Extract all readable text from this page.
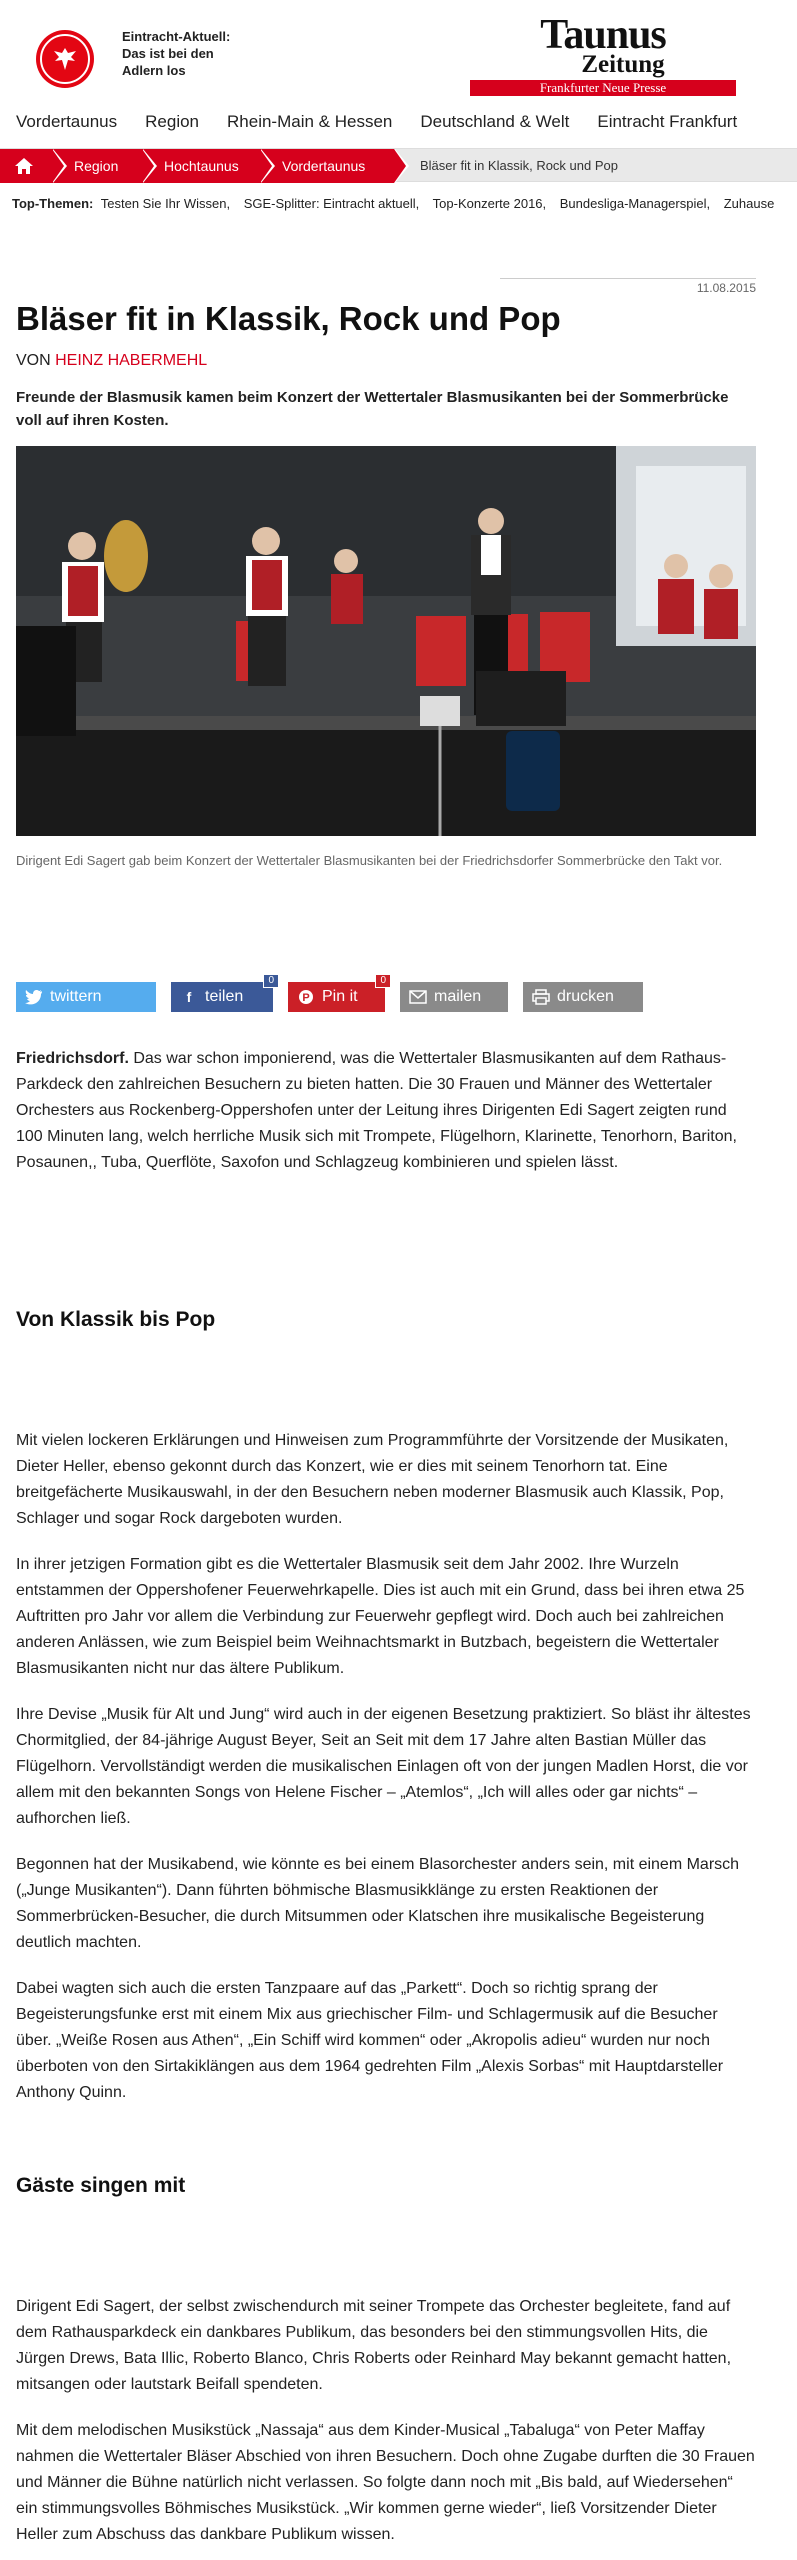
Eintracht-Aktuell:
Das ist bei den
Adlern los
Taunus
Zeitung
Frankfurter Neue Presse
Vordertaunus Region Rhein-Main & Hessen Deutschland & Welt Eintracht Frankfurt
Region	Hochtaunus	Vordertaunus	Bläser fit in Klassik, Rock und Pop
Top-Themen: Testen Sie Ihr Wissen, SGE-Splitter: Eintracht aktuell, Top-Konzerte 2016, Bundesliga-Managerspiel, Zuhause
11.08.2015
Bläser fit in Klassik, Rock und Pop
VON HEINZ HABERMEHL
Freunde der Blasmusik kamen beim Konzert der Wettertaler Blasmusikanten bei der Sommerbrücke voll auf ihren Kosten.
Dirigent Edi Sagert gab beim Konzert der Wettertaler Blasmusikanten bei der Friedrichsdorfer Sommerbrücke den Takt vor.
twittern	f teilen
0
P Pin it
0
mailen	drucken

Friedrichsdorf. Das war schon imponierend, was die Wettertaler Blasmusikanten auf dem Rathaus-Parkdeck den zahlreichen Besuchern zu bieten hatten. Die 30 Frauen und Männer des Wettertaler Orchesters aus Rockenberg-Oppershofen unter der Leitung ihres Dirigenten Edi Sagert zeigten rund 100 Minuten lang, welch herrliche Musik sich mit Trompete, Flügelhorn, Klarinette, Tenorhorn, Bariton, Posaunen,, Tuba, Querflöte, Saxofon und Schlagzeug kombinieren und spielen lässt.

Von Klassik bis Pop

Mit vielen lockeren Erklärungen und Hinweisen zum Programmführte der Vorsitzende der Musikaten, Dieter Heller, ebenso gekonnt durch das Konzert, wie er dies mit seinem Tenorhorn tat. Eine breitgefächerte Musikauswahl, in der den Besuchern neben moderner Blasmusik auch Klassik, Pop, Schlager und sogar Rock dargeboten wurden.

In ihrer jetzigen Formation gibt es die Wettertaler Blasmusik seit dem Jahr 2002. Ihre Wurzeln entstammen der Oppershofener Feuerwehrkapelle. Dies ist auch mit ein Grund, dass bei ihren etwa 25 Auftritten pro Jahr vor allem die Verbindung zur Feuerwehr gepflegt wird. Doch auch bei zahlreichen anderen Anlässen, wie zum Beispiel beim Weihnachtsmarkt in Butzbach, begeistern die Wettertaler Blasmusikanten nicht nur das ältere Publikum.

Ihre Devise „Musik für Alt und Jung“ wird auch in der eigenen Besetzung praktiziert. So bläst ihr ältestes Chormitglied, der 84-jährige August Beyer, Seit an Seit mit dem 17 Jahre alten Bastian Müller das Flügelhorn. Vervollständigt werden die musikalischen Einlagen oft von der jungen Madlen Horst, die vor allem mit den bekannten Songs von Helene Fischer – „Atemlos“, „Ich will alles oder gar nichts“ – aufhorchen ließ.

Begonnen hat der Musikabend, wie könnte es bei einem Blasorchester anders sein, mit einem Marsch („Junge Musikanten“). Dann führten böhmische Blasmusikklänge zu ersten Reaktionen der Sommerbrücken-Besucher, die durch Mitsummen oder Klatschen ihre musikalische Begeisterung deutlich machten.

Dabei wagten sich auch die ersten Tanzpaare auf das „Parkett“. Doch so richtig sprang der Begeisterungsfunke erst mit einem Mix aus griechischer Film- und Schlagermusik auf die Besucher über. „Weiße Rosen aus Athen“, „Ein Schiff wird kommen“ oder „Akropolis adieu“ wurden nur noch überboten von den Sirtakiklängen aus dem 1964 gedrehten Film „Alexis Sorbas“ mit Hauptdarsteller Anthony Quinn.

Gäste singen mit

Dirigent Edi Sagert, der selbst zwischendurch mit seiner Trompete das Orchester begleitete, fand auf dem Rathausparkdeck ein dankbares Publikum, das besonders bei den stimmungsvollen Hits, die Jürgen Drews, Bata Illic, Roberto Blanco, Chris Roberts oder Reinhard May bekannt gemacht hatten, mitsangen oder lautstark Beifall spendeten.

Mit dem melodischen Musikstück „Nassaja“ aus dem Kinder-Musical „Tabaluga“ von Peter Maffay nahmen die Wettertaler Bläser Abschied von ihren Besuchern. Doch ohne Zugabe durften die 30 Frauen und Männer die Bühne natürlich nicht verlassen. So folgte dann noch mit „Bis bald, auf Wiedersehen“ ein stimmungsvolles Böhmisches Musikstück. „Wir kommen gerne wieder“, ließ Vorsitzender Dieter Heller zum Abschuss das dankbare Publikum wissen.
